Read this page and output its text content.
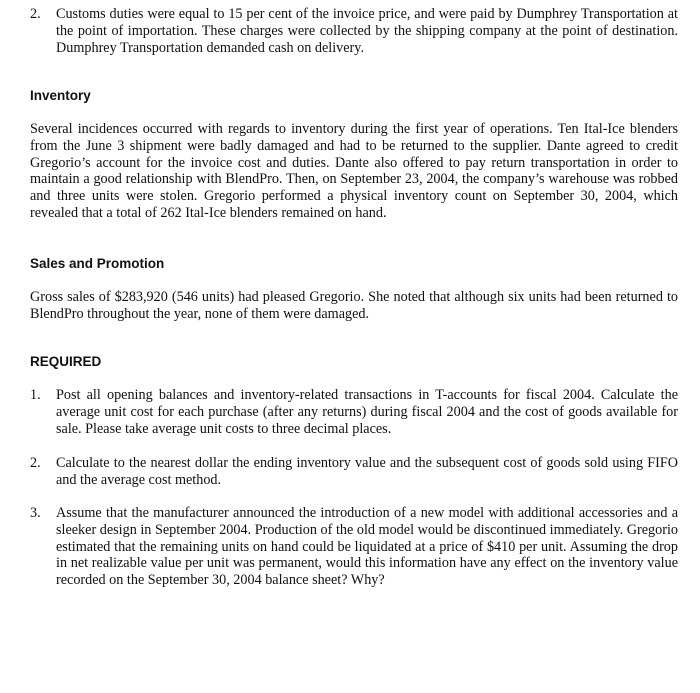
2.	Customs duties were equal to 15 per cent of the invoice price, and were paid by Dumphrey Transportation at the point of importation. These charges were collected by the shipping company at the point of destination. Dumphrey Transportation demanded cash on delivery.
Inventory

Several incidences occurred with regards to inventory during the first year of operations. Ten Ital-Ice blenders from the June 3 shipment were badly damaged and had to be returned to the supplier. Dante agreed to credit Gregorio’s account for the invoice cost and duties. Dante also offered to pay return transportation in order to maintain a good relationship with BlendPro. Then, on September 23, 2004, the company’s warehouse was robbed and three units were stolen. Gregorio performed a physical inventory count on September 30, 2004, which revealed that a total of 262 Ital-Ice blenders remained on hand.

Sales and Promotion

Gross sales of $283,920 (546 units) had pleased Gregorio. She noted that although six units had been returned to BlendPro throughout the year, none of them were damaged.

REQUIRED
1.	Post all opening balances and inventory-related transactions in T-accounts for fiscal 2004. Calculate the average unit cost for each purchase (after any returns) during fiscal 2004 and the cost of goods available for sale. Please take average unit costs to three decimal places.
2.	Calculate to the nearest dollar the ending inventory value and the subsequent cost of goods sold using FIFO and the average cost method.
3.	Assume that the manufacturer announced the introduction of a new model with additional accessories and a sleeker design in September 2004. Production of the old model would be discontinued immediately. Gregorio estimated that the remaining units on hand could be liquidated at a price of $410 per unit. Assuming the drop in net realizable value per unit was permanent, would this information have any effect on the inventory value recorded on the September 30, 2004 balance sheet? Why?
